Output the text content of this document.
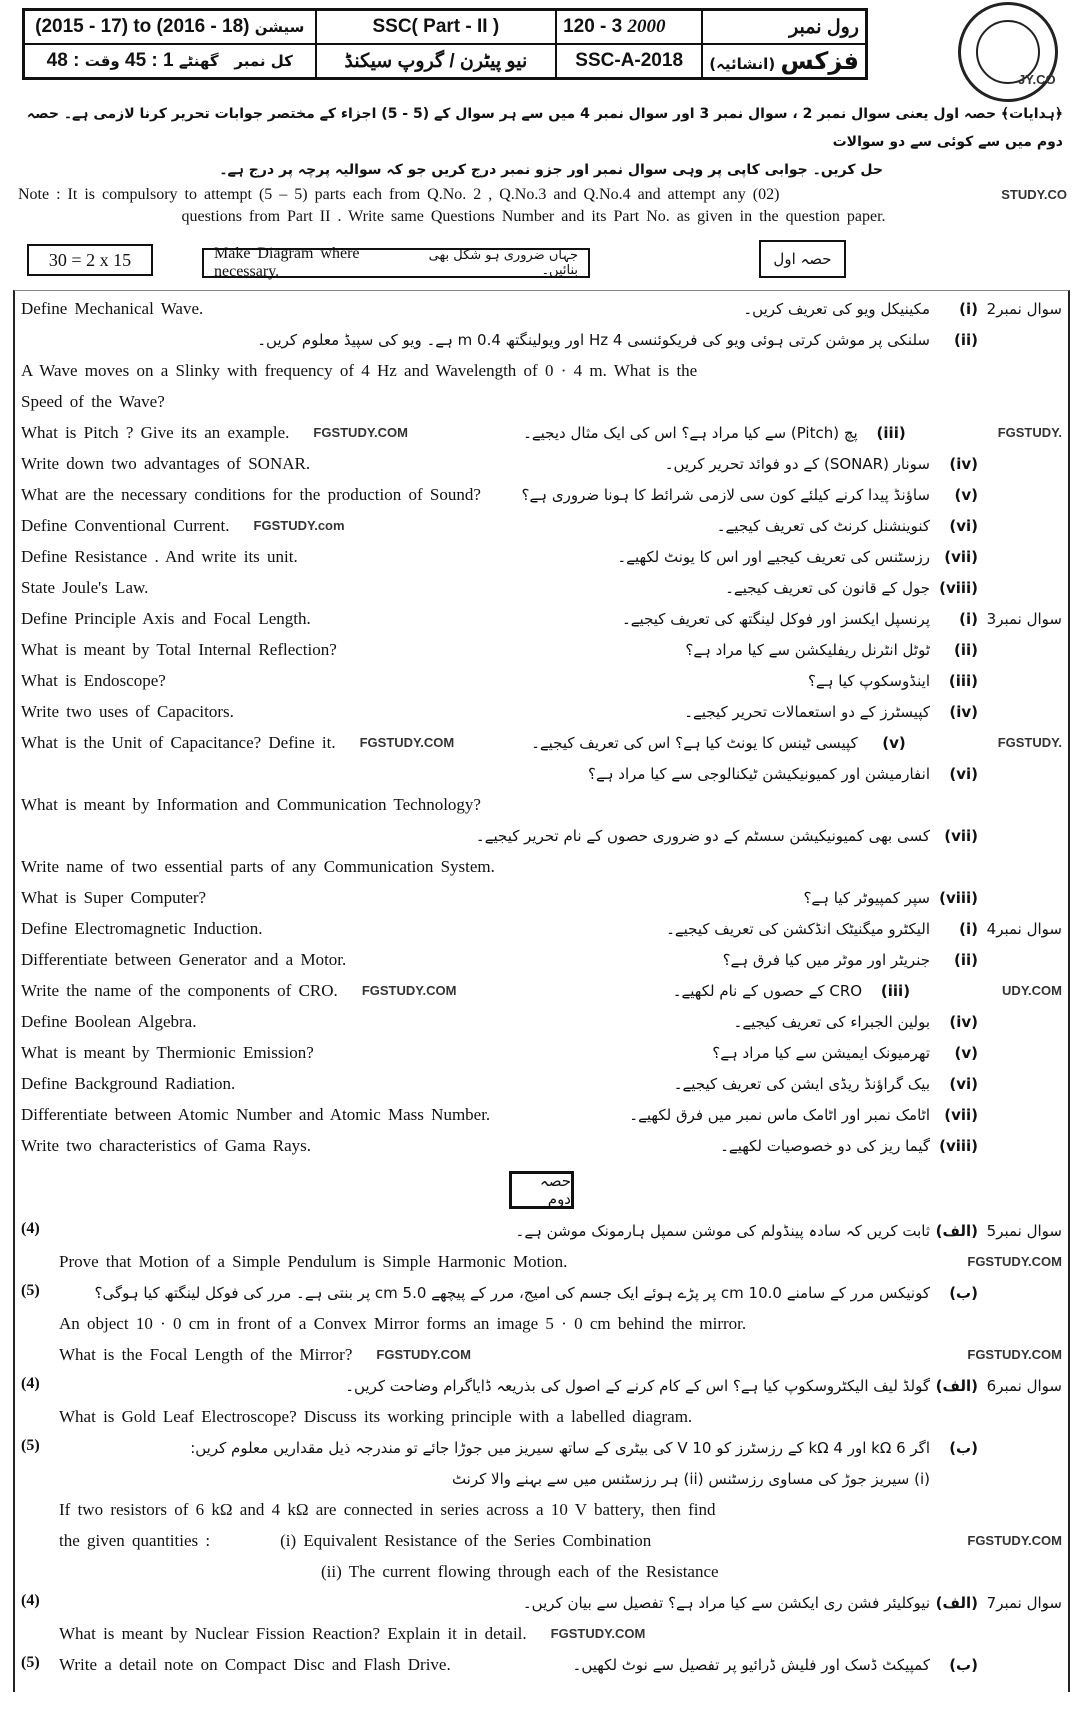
(2015 - 17) to (2016 - 18) سیشن	SSC( Part - II )	120 - 3 2000	رول نمبر
48 : کل نمبر   گھنٹے 1 : 45 وقت	نیو پیٹرن / گروپ سیکنڈ	SSC-A-2018	فزکس (انشائیہ)
JY.CO
﴿ہدایات﴾ حصہ اول یعنی سوال نمبر 2 ، سوال نمبر 3 اور سوال نمبر 4 میں سے ہر سوال کے (5 - 5) اجزاء کے مختصر جوابات تحریر کرنا لازمی ہے۔ حصہ دوم میں سے کوئی سے دو سوالات
حل کریں۔ جوابی کاپی پر وہی سوال نمبر اور جزو نمبر درج کریں جو کہ سوالیہ پرچہ پر درج ہے۔
Note : It is compulsory to attempt (5 – 5) parts each from Q.No. 2 , Q.No.3 and Q.No.4 and attempt any (02)	STUDY.CO
questions from Part II . Write same Questions Number and its Part No. as given in the question paper.
30 = 2 x 15	Make Diagram where necessary.
جہاں ضروری ہو شکل بھی بنائیں۔
حصہ اول
Define Mechanical Wave.	مکینیکل ویو کی تعریف کریں۔	(i) سوال نمبر2
سلنکی پر موشن کرتی ہوئی ویو کی فریکوئنسی 4 Hz اور ویولینگتھ 0.4 m ہے۔ ویو کی سپیڈ معلوم کریں۔	(ii)
A Wave moves on a Slinky with frequency of 4 Hz and Wavelength of 0 · 4 m. What is the
Speed of the Wave?
What is Pitch ? Give its an example. FGSTUDY.COM	پچ (Pitch) سے کیا مراد ہے؟ اس کی ایک مثال دیجیے۔	(iii)	FGSTUDY.
Write down two advantages of SONAR.	سونار (SONAR) کے دو فوائد تحریر کریں۔	(iv)
What are the necessary conditions for the production of Sound?	ساؤنڈ پیدا کرنے کیلئے کون سی لازمی شرائط کا ہونا ضروری ہے؟	(v)
Define Conventional Current. FGSTUDY.com	کنوینشنل کرنٹ کی تعریف کیجیے۔	(vi)
Define Resistance . And write its unit.	رزسٹنس کی تعریف کیجیے اور اس کا یونٹ لکھیے۔ (vii)
State Joule's Law.	جول کے قانون کی تعریف کیجیے۔ (viii)
Define Principle Axis and Focal Length.	پرنسپل ایکسز اور فوکل لینگتھ کی تعریف کیجیے۔	(i) سوال نمبر3
What is meant by Total Internal Reflection?	ٹوٹل انٹرنل ریفلیکشن سے کیا مراد ہے؟	(ii)
What is Endoscope?	اینڈوسکوپ کیا ہے؟	(iii)
Write two uses of Capacitors.	کپیسٹرز کے دو استعمالات تحریر کیجیے۔	(iv)
What is the Unit of Capacitance? Define it. FGSTUDY.COM	کپیسی ٹینس کا یونٹ کیا ہے؟ اس کی تعریف کیجیے۔	(v)	FGSTUDY.
انفارمیشن اور کمیونیکیشن ٹیکنالوجی سے کیا مراد ہے؟	(vi)
What is meant by Information and Communication Technology?
کسی بھی کمیونیکیشن سسٹم کے دو ضروری حصوں کے نام تحریر کیجیے۔ (vii)
Write name of two essential parts of any Communication System.
What is Super Computer?	سپر کمپیوٹر کیا ہے؟ (viii)
Define Electromagnetic Induction.	الیکٹرو میگنیٹک انڈکشن کی تعریف کیجیے۔	(i) سوال نمبر4
Differentiate between Generator and a Motor.	جنریٹر اور موٹر میں کیا فرق ہے؟	(ii)
Write the name of the components of CRO. FGSTUDY.COM	CRO کے حصوں کے نام لکھیے۔	(iii)	UDY.COM
Define Boolean Algebra.	بولین الجبراء کی تعریف کیجیے۔	(iv)
What is meant by Thermionic Emission?	تھرمیونک ایمیشن سے کیا مراد ہے؟	(v)
Define Background Radiation.	بیک گراؤنڈ ریڈی ایشن کی تعریف کیجیے۔	(vi)
Differentiate between Atomic Number and Atomic Mass Number.	اٹامک نمبر اور اٹامک ماس نمبر میں فرق لکھیے۔ (vii)
Write two characteristics of Gama Rays.	گیما ریز کی دو خصوصیات لکھیے۔ (viii)
حصہ دوم
(4)	ثابت کریں کہ سادہ پینڈولم کی موشن سمپل ہارمونک موشن ہے۔ (الف) سوال نمبر5
Prove that Motion of a Simple Pendulum is Simple Harmonic Motion.	FGSTUDY.COM
(5)	کونیکس مرر کے سامنے 10.0 cm پر پڑے ہوئے ایک جسم کی امیج، مرر کے پیچھے 5.0 cm پر بنتی ہے۔ مرر کی فوکل لینگتھ کیا ہوگی؟	(ب)
An object 10 · 0 cm in front of a Convex Mirror forms an image 5 · 0 cm behind the mirror.
What is the Focal Length of the Mirror? FGSTUDY.COM	FGSTUDY.COM
(4)	گولڈ لیف الیکٹروسکوپ کیا ہے؟ اس کے کام کرنے کے اصول کی بذریعہ ڈایاگرام وضاحت کریں۔ (الف) سوال نمبر6
What is Gold Leaf Electroscope? Discuss its working principle with a labelled diagram.
(5)	اگر 6 kΩ اور 4 kΩ کے رزسٹرز کو 10 V کی بیٹری کے ساتھ سیریز میں جوڑا جائے تو مندرجہ ذیل مقداریں معلوم کریں:	(ب)
(i) سیریز جوڑ کی مساوی رزسٹنس (ii) ہر رزسٹنس میں سے بہنے والا کرنٹ
If two resistors of 6 kΩ and 4 kΩ are connected in series across a 10 V battery, then find
the given quantities :	(i) Equivalent Resistance of the Series Combination	FGSTUDY.COM
(ii) The current flowing through each of the Resistance
(4)	نیوکلیئر فشن ری ایکشن سے کیا مراد ہے؟ تفصیل سے بیان کریں۔ (الف) سوال نمبر7
What is meant by Nuclear Fission Reaction? Explain it in detail. FGSTUDY.COM
(5)	Write a detail note on Compact Disc and Flash Drive.	کمپیکٹ ڈسک اور فلیش ڈرائیو پر تفصیل سے نوٹ لکھیں۔	(ب)
